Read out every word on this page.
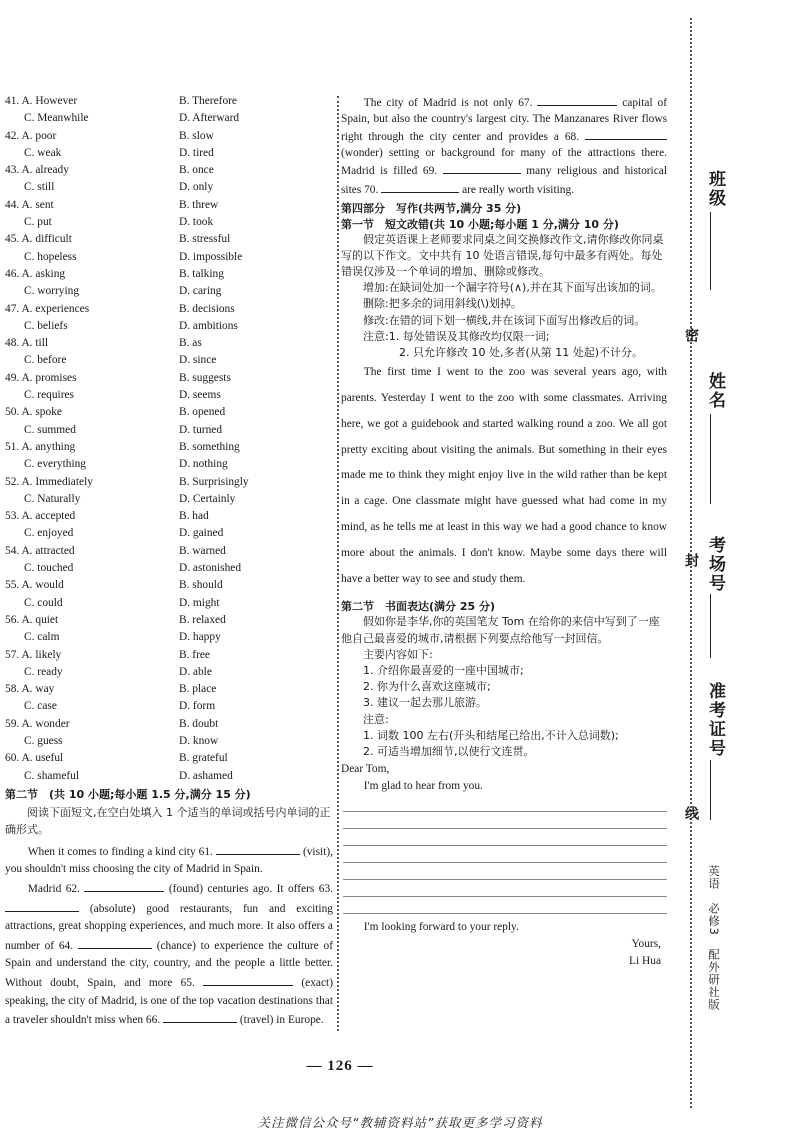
41. A. However	B. Therefore
C. Meanwhile	D. Afterward
42. A. poor	B. slow
C. weak	D. tired
43. A. already	B. once
C. still	D. only
44. A. sent	B. threw
C. put	D. took
45. A. difficult	B. stressful
C. hopeless	D. impossible
46. A. asking	B. talking
C. worrying	D. caring
47. A. experiences	B. decisions
C. beliefs	D. ambitions
48. A. till	B. as
C. before	D. since
49. A. promises	B. suggests
C. requires	D. seems
50. A. spoke	B. opened
C. summed	D. turned
51. A. anything	B. something
C. everything	D. nothing
52. A. Immediately	B. Surprisingly
C. Naturally	D. Certainly
53. A. accepted	B. had
C. enjoyed	D. gained
54. A. attracted	B. warned
C. touched	D. astonished
55. A. would	B. should
C. could	D. might
56. A. quiet	B. relaxed
C. calm	D. happy
57. A. likely	B. free
C. ready	D. able
58. A. way	B. place
C. case	D. form
59. A. wonder	B. doubt
C. guess	D. know
60. A. useful	B. grateful
C. shameful	D. ashamed
第二节　(共 10 小题;每小题 1.5 分,满分 15 分)
阅读下面短文,在空白处填入 1 个适当的单词或括号内单词的正确形式。
When it comes to finding a kind city 61.	(visit), you shouldn't miss choosing the city of Madrid in Spain.
Madrid 62.	(found) centuries ago. It offers 63.  (absolute) good restaurants, fun and exciting attractions, great shopping experiences, and much more. It also offers a number of 64.	(chance) to experience the culture of Spain and understand the city, country, and the people a little better. Without doubt, Spain, and more 65.	(exact) speaking, the city of Madrid, is one of the top vacation destinations that a traveler shouldn't miss when 66.	(travel) in Europe.
The city of Madrid is not only 67.	capital of Spain, but also the country's largest city. The Manzanares River flows right through the city center and provides a 68.  (wonder) setting or background for many of the attractions there. Madrid is filled 69.	many religious and historical sites 70.	are really worth visiting.
第四部分　写作(共两节,满分 35 分)
第一节　短文改错(共 10 小题;每小题 1 分,满分 10 分)
假定英语课上老师要求同桌之间交换修改作文,请你修改你同桌写的以下作文。文中共有 10 处语言错误,每句中最多有两处。每处错误仅涉及一个单词的增加、删除或修改。
增加:在缺词处加一个漏字符号(∧),并在其下面写出该加的词。
删除:把多余的词用斜线(\)划掉。
修改:在错的词下划一横线,并在该词下面写出修改后的词。
注意:1. 每处错误及其修改均仅限一词;
2. 只允许修改 10 处,多者(从第 11 处起)不计分。
The first time I went to the zoo was several years ago, with parents. Yesterday I went to the zoo with some classmates. Arriving here, we got a guidebook and started walking round a zoo. We all got pretty exciting about visiting the animals. But something in their eyes made me to think they might enjoy live in the wild rather than be kept in a cage. One classmate might have guessed what had come in my mind, as he tells me at least in this way we had a good chance to know more about the animals. I don't know. Maybe some days there will have a better way to see and study them.
第二节　书面表达(满分 25 分)
假如你是李华,你的英国笔友 Tom 在给你的来信中写到了一座他自己最喜爱的城市,请根据下列要点给他写一封回信。
主要内容如下:
1. 介绍你最喜爱的一座中国城市;
2. 你为什么喜欢这座城市;
3. 建议一起去那儿旅游。
注意:
1. 词数 100 左右(开头和结尾已给出,不计入总词数);
2. 可适当增加细节,以使行文连贯。
Dear Tom,
I'm glad to hear from you.
I'm looking forward to your reply.
Yours,
Li Hua
— 126 —
关注微信公众号“教辅资料站”获取更多学习资料
班级
姓名
考场号
准考证号
密
封
线
英语　必修3　配外研社版
